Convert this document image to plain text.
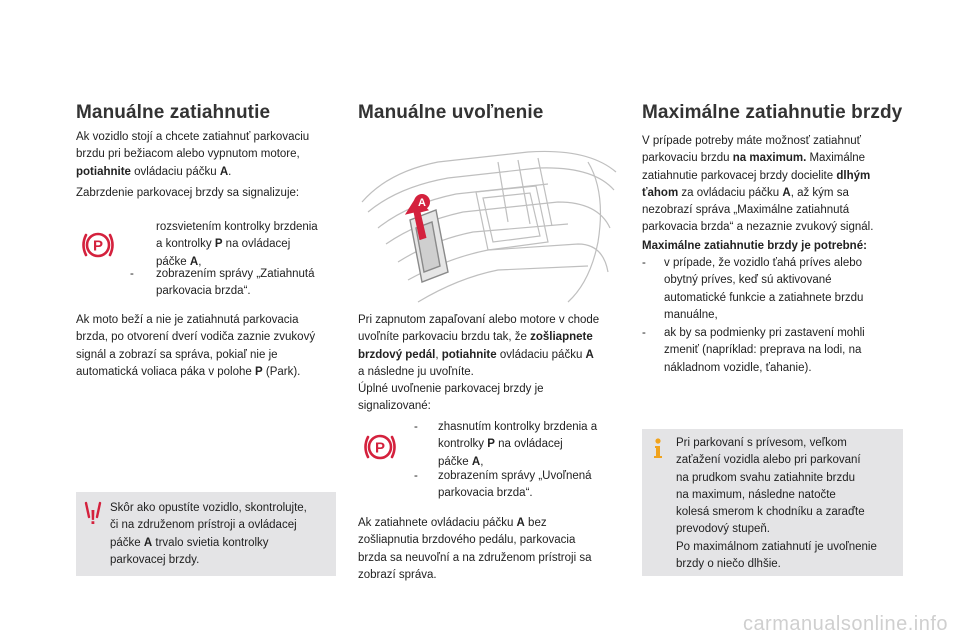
Manuálne zatiahnutie
Ak vozidlo stojí a chcete zatiahnuť parkovaciu
brzdu pri bežiacom alebo vypnutom motore,
potiahnite ovládaciu páčku A.
Zabrzdenie parkovacej brzdy sa signalizuje:
P
rozsvietením kontrolky brzdenia
a kontrolky P na ovládacej
páčke A,
- zobrazením správy „Zatiahnutá
parkovacia brzda“.
Ak moto beží a nie je zatiahnutá parkovacia
brzda, po otvorení dverí vodiča zaznie zvukový
signál a zobrazí sa správa, pokiaľ nie je
automatická voliaca páka v polohe P (Park).
! Skôr ako opustíte vozidlo, skontrolujte,
či na združenom prístroji a ovládacej
páčke A trvalo svietia kontrolky
parkovacej brzdy.
Manuálne uvoľnenie
A
Pri zapnutom zapaľovaní alebo motore v chode
uvoľníte parkovaciu brzdu tak, že zošliapnete
brzdový pedál, potiahnite ovládaciu páčku A
a následne ju uvoľníte.
Úplné uvoľnenie parkovacej brzdy je
signalizované:
P
- zhasnutím kontrolky brzdenia a
kontrolky P na ovládacej
páčke A,
- zobrazením správy „Uvoľnená
parkovacia brzda“.
Ak zatiahnete ovládaciu páčku A bez
zošliapnutia brzdového pedálu, parkovacia
brzda sa neuvoľní a na združenom prístroji sa
zobrazí správa.
Maximálne zatiahnutie brzdy
V prípade potreby máte možnosť zatiahnuť
parkovaciu brzdu na maximum. Maximálne
zatiahnutie parkovacej brzdy docielite dlhým
ťahom za ovládaciu páčku A, až kým sa
nezobrazí správa „Maximálne zatiahnutá
parkovacia brzda“ a nezaznie zvukový signál.
Maximálne zatiahnutie brzdy je potrebné:
- v prípade, že vozidlo ťahá príves alebo
obytný príves, keď sú aktivované
automatické funkcie a zatiahnete brzdu
manuálne,
- ak by sa podmienky pri zastavení mohli
zmeniť (napríklad: preprava na lodi, na
nákladnom vozidle, ťahanie).
Pri parkovaní s prívesom, veľkom
zaťažení vozidla alebo pri parkovaní
na prudkom svahu zatiahnite brzdu
na maximum, následne natočte
kolesá smerom k chodníku a zaraďte
prevodový stupeň.
Po maximálnom zatiahnutí je uvoľnenie
brzdy o niečo dlhšie.
carmanualsonline.info
